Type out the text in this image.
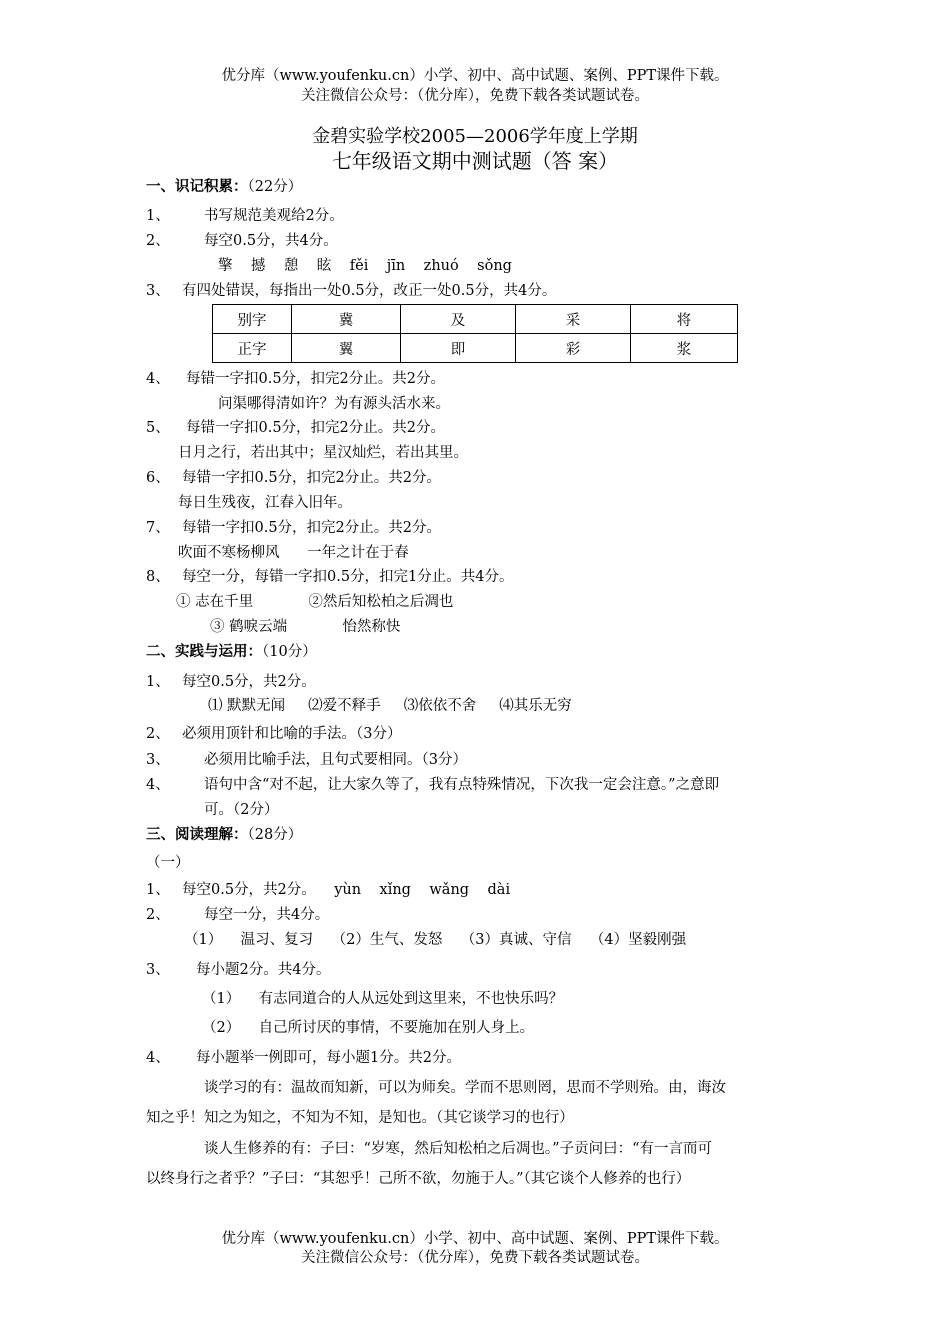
优分库（www.youfenku.cn）小学、初中、高中试题、案例、PPT课件下载。
关注微信公众号：（优分库），免费下载各类试题试卷。
金碧实验学校2005—2006学年度上学期
七年级语文期中测试题（答 案）
一、识记积累：（22分）
1、 书写规范美观给2分。
2、 每空0.5分，共4分。
擎    撼    憩    眩    fěi    jīn    zhuó    sǒng
3、 有四处错误，每指出一处0.5分，改正一处0.5分，共4分。
别字	冀	及	采	将
正字	翼	即	彩	浆
4、 每错一字扣0.5分，扣完2分止。共2分。
问渠哪得清如许？为有源头活水来。
5、 每错一字扣0.5分，扣完2分止。共2分。
日月之行，若出其中；星汉灿烂，若出其里。
6、 每错一字扣0.5分，扣完2分止。共2分。
每日生残夜，江春入旧年。
7、 每错一字扣0.5分，扣完2分止。共2分。
吹面不寒杨柳风      一年之计在于春
8、 每空一分，每错一字扣0.5分，扣完1分止。共4分。
① 志在千里            ②然后知松柏之后凋也
③ 鹤唳云端            怡然称快
二、实践与运用：（10分）
1、 每空0.5分，共2分。
⑴ 默默无闻     ⑵爱不释手     ⑶依依不舍     ⑷其乐无穷
2、 必须用顶针和比喻的手法。（3分）
3、 必须用比喻手法，且句式要相同。（3分）
4、 语句中含“对不起，让大家久等了，我有点特殊情况，下次我一定会注意。”之意即
可。（2分）
三、阅读理解：（28分）
（一）
1、 每空0.5分，共2分。    yùn    xǐng    wǎng    dài
2、 每空一分，共4分。
（1）    温习、复习    （2）生气、发怒    （3）真诚、守信    （4）坚毅刚强
3、 每小题2分。共4分。
（1）    有志同道合的人从远处到这里来，不也快乐吗？
（2）    自己所讨厌的事情，不要施加在别人身上。
4、 每小题举一例即可，每小题1分。共2分。
谈学习的有：温故而知新，可以为师矣。学而不思则罔，思而不学则殆。由，诲汝
知之乎！知之为知之，不知为不知，是知也。（其它谈学习的也行）
谈人生修养的有：子曰：“岁寒，然后知松柏之后凋也。”子贡问曰：“有一言而可
以终身行之者乎？”子曰：“其恕乎！己所不欲，勿施于人。”（其它谈个人修养的也行）
优分库（www.youfenku.cn）小学、初中、高中试题、案例、PPT课件下载。
关注微信公众号：（优分库），免费下载各类试题试卷。
